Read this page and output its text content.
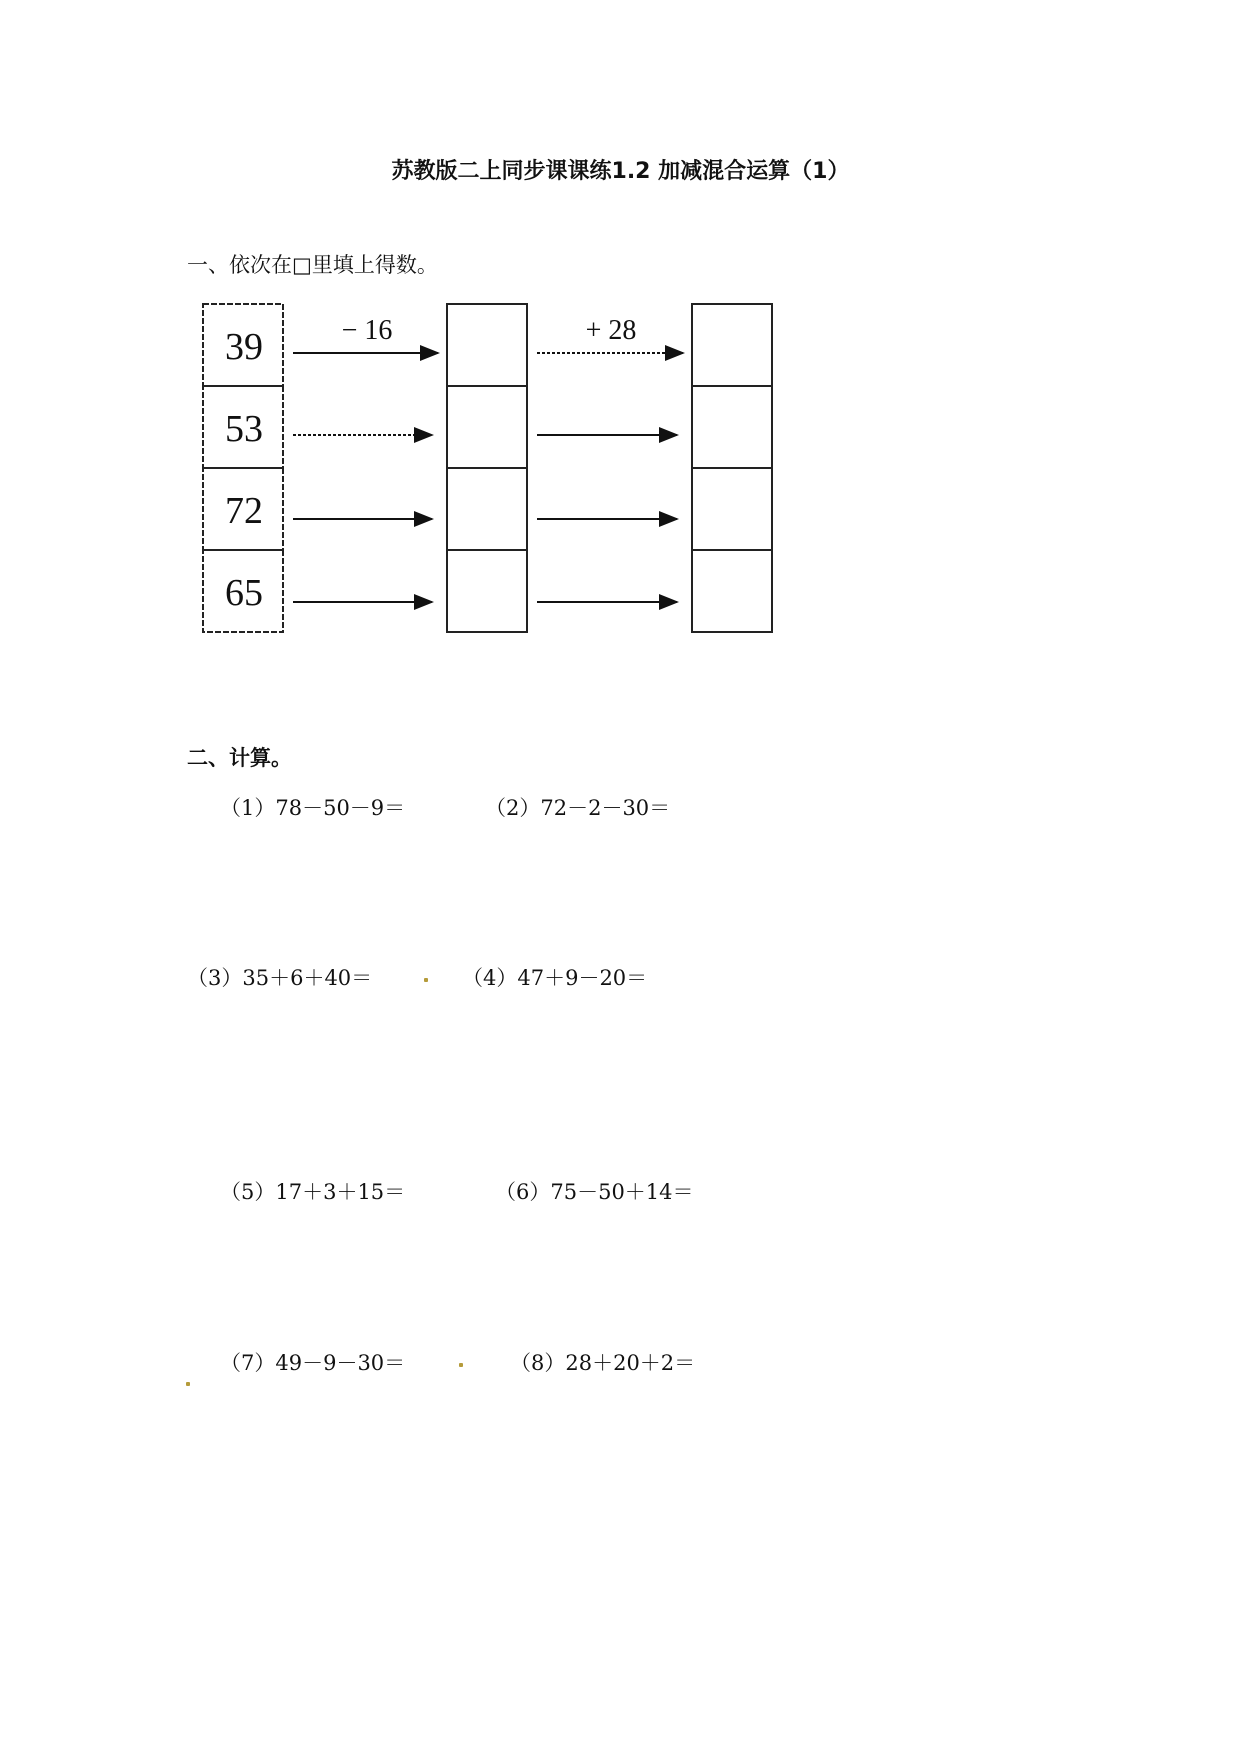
苏教版二上同步课课练1.2 加减混合运算（1）
一、依次在□里填上得数。
39
53
72
65
− 16	+ 28
二、计算。
（1）78－50－9＝	（2）72－2－30＝
（3）35＋6＋40＝	（4）47＋9－20＝
（5）17＋3＋15＝	（6）75－50＋14＝
（7）49－9－30＝	（8）28＋20＋2＝
